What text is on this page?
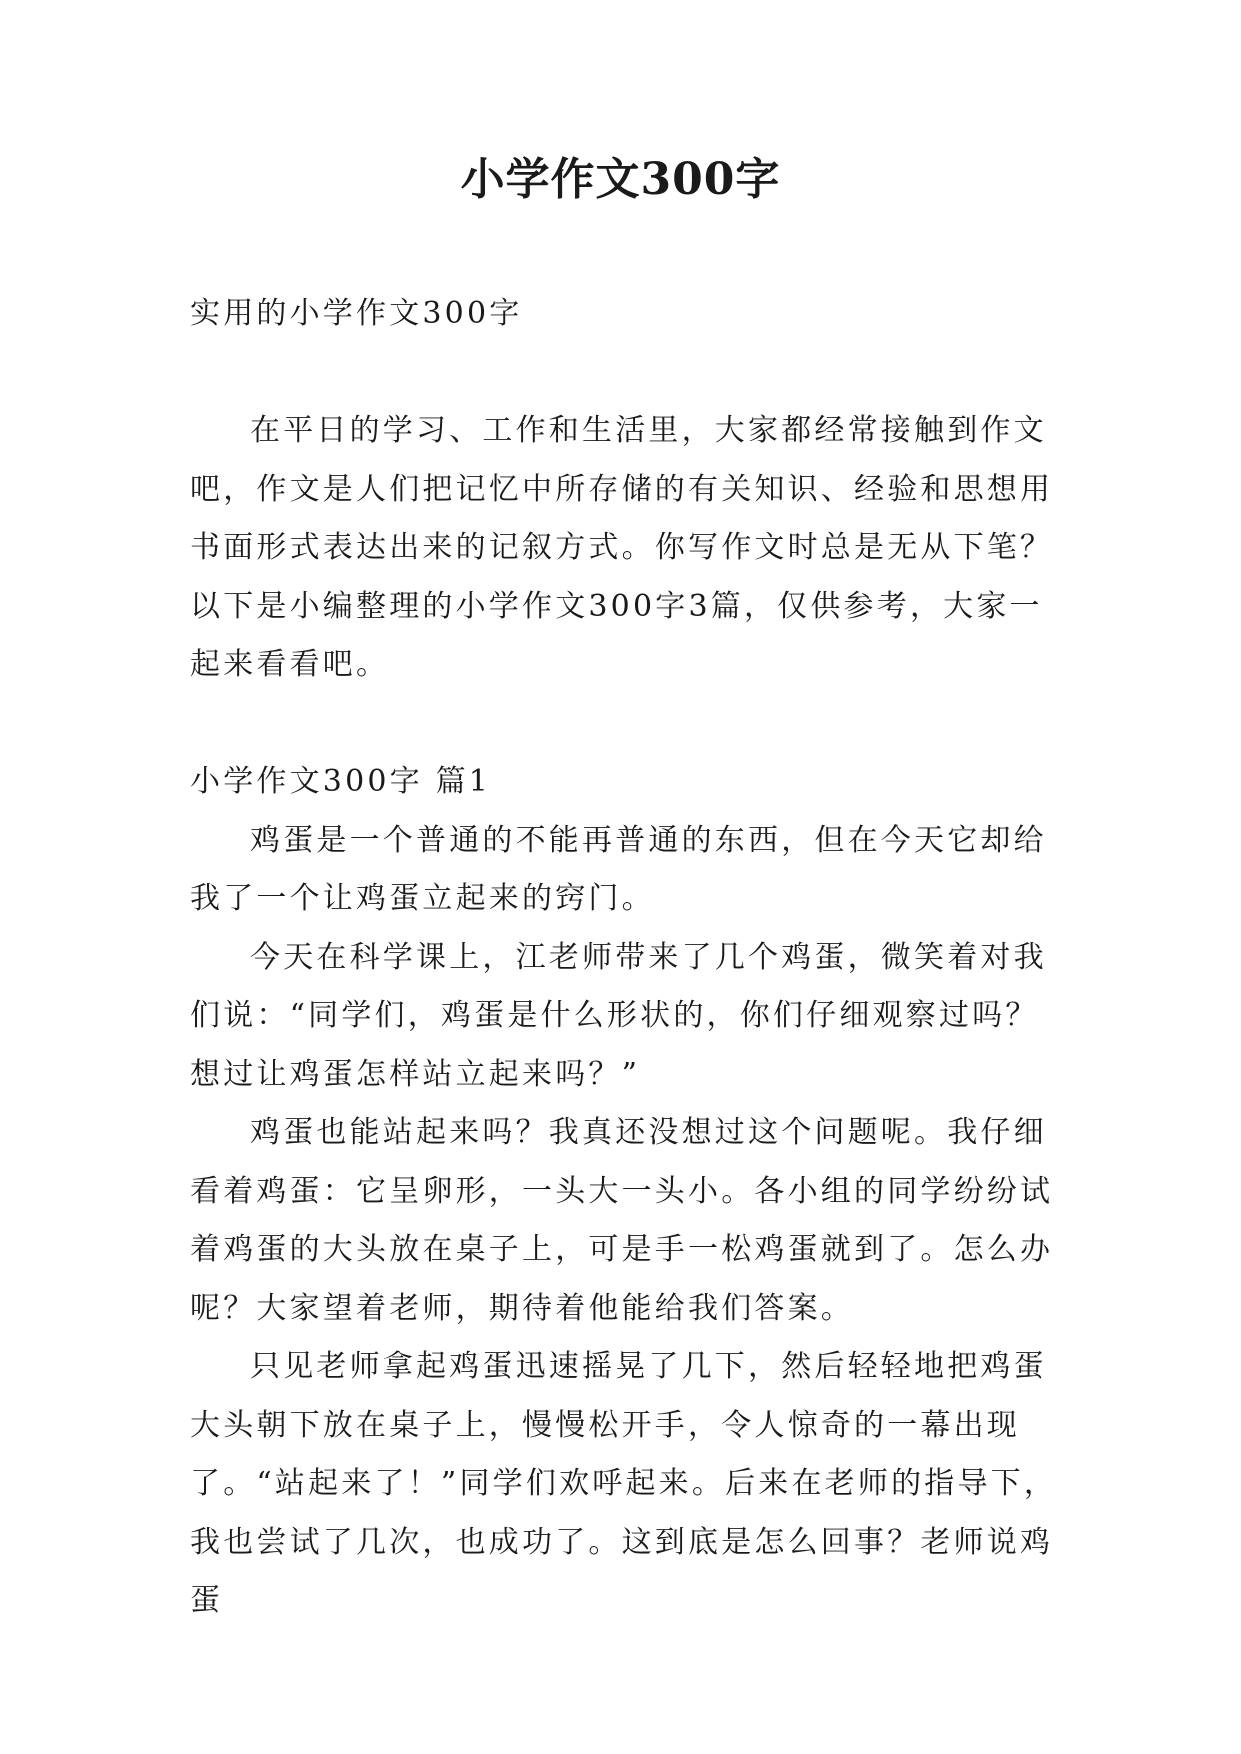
小学作文300字

实用的小学作文300字

在平日的学习、工作和生活里，大家都经常接触到作文吧，作文是人们把记忆中所存储的有关知识、经验和思想用书面形式表达出来的记叙方式。你写作文时总是无从下笔？以下是小编整理的小学作文300字3篇，仅供参考，大家一起来看看吧。

小学作文300字 篇1

鸡蛋是一个普通的不能再普通的东西，但在今天它却给我了一个让鸡蛋立起来的窍门。

今天在科学课上，江老师带来了几个鸡蛋，微笑着对我们说：“同学们，鸡蛋是什么形状的，你们仔细观察过吗？想过让鸡蛋怎样站立起来吗？”

鸡蛋也能站起来吗？我真还没想过这个问题呢。我仔细看着鸡蛋：它呈卵形，一头大一头小。各小组的同学纷纷试着鸡蛋的大头放在桌子上，可是手一松鸡蛋就到了。怎么办呢？大家望着老师，期待着他能给我们答案。

只见老师拿起鸡蛋迅速摇晃了几下，然后轻轻地把鸡蛋大头朝下放在桌子上，慢慢松开手，令人惊奇的一幕出现了。“站起来了！”同学们欢呼起来。后来在老师的指导下，我也尝试了几次，也成功了。这到底是怎么回事？老师说鸡蛋
